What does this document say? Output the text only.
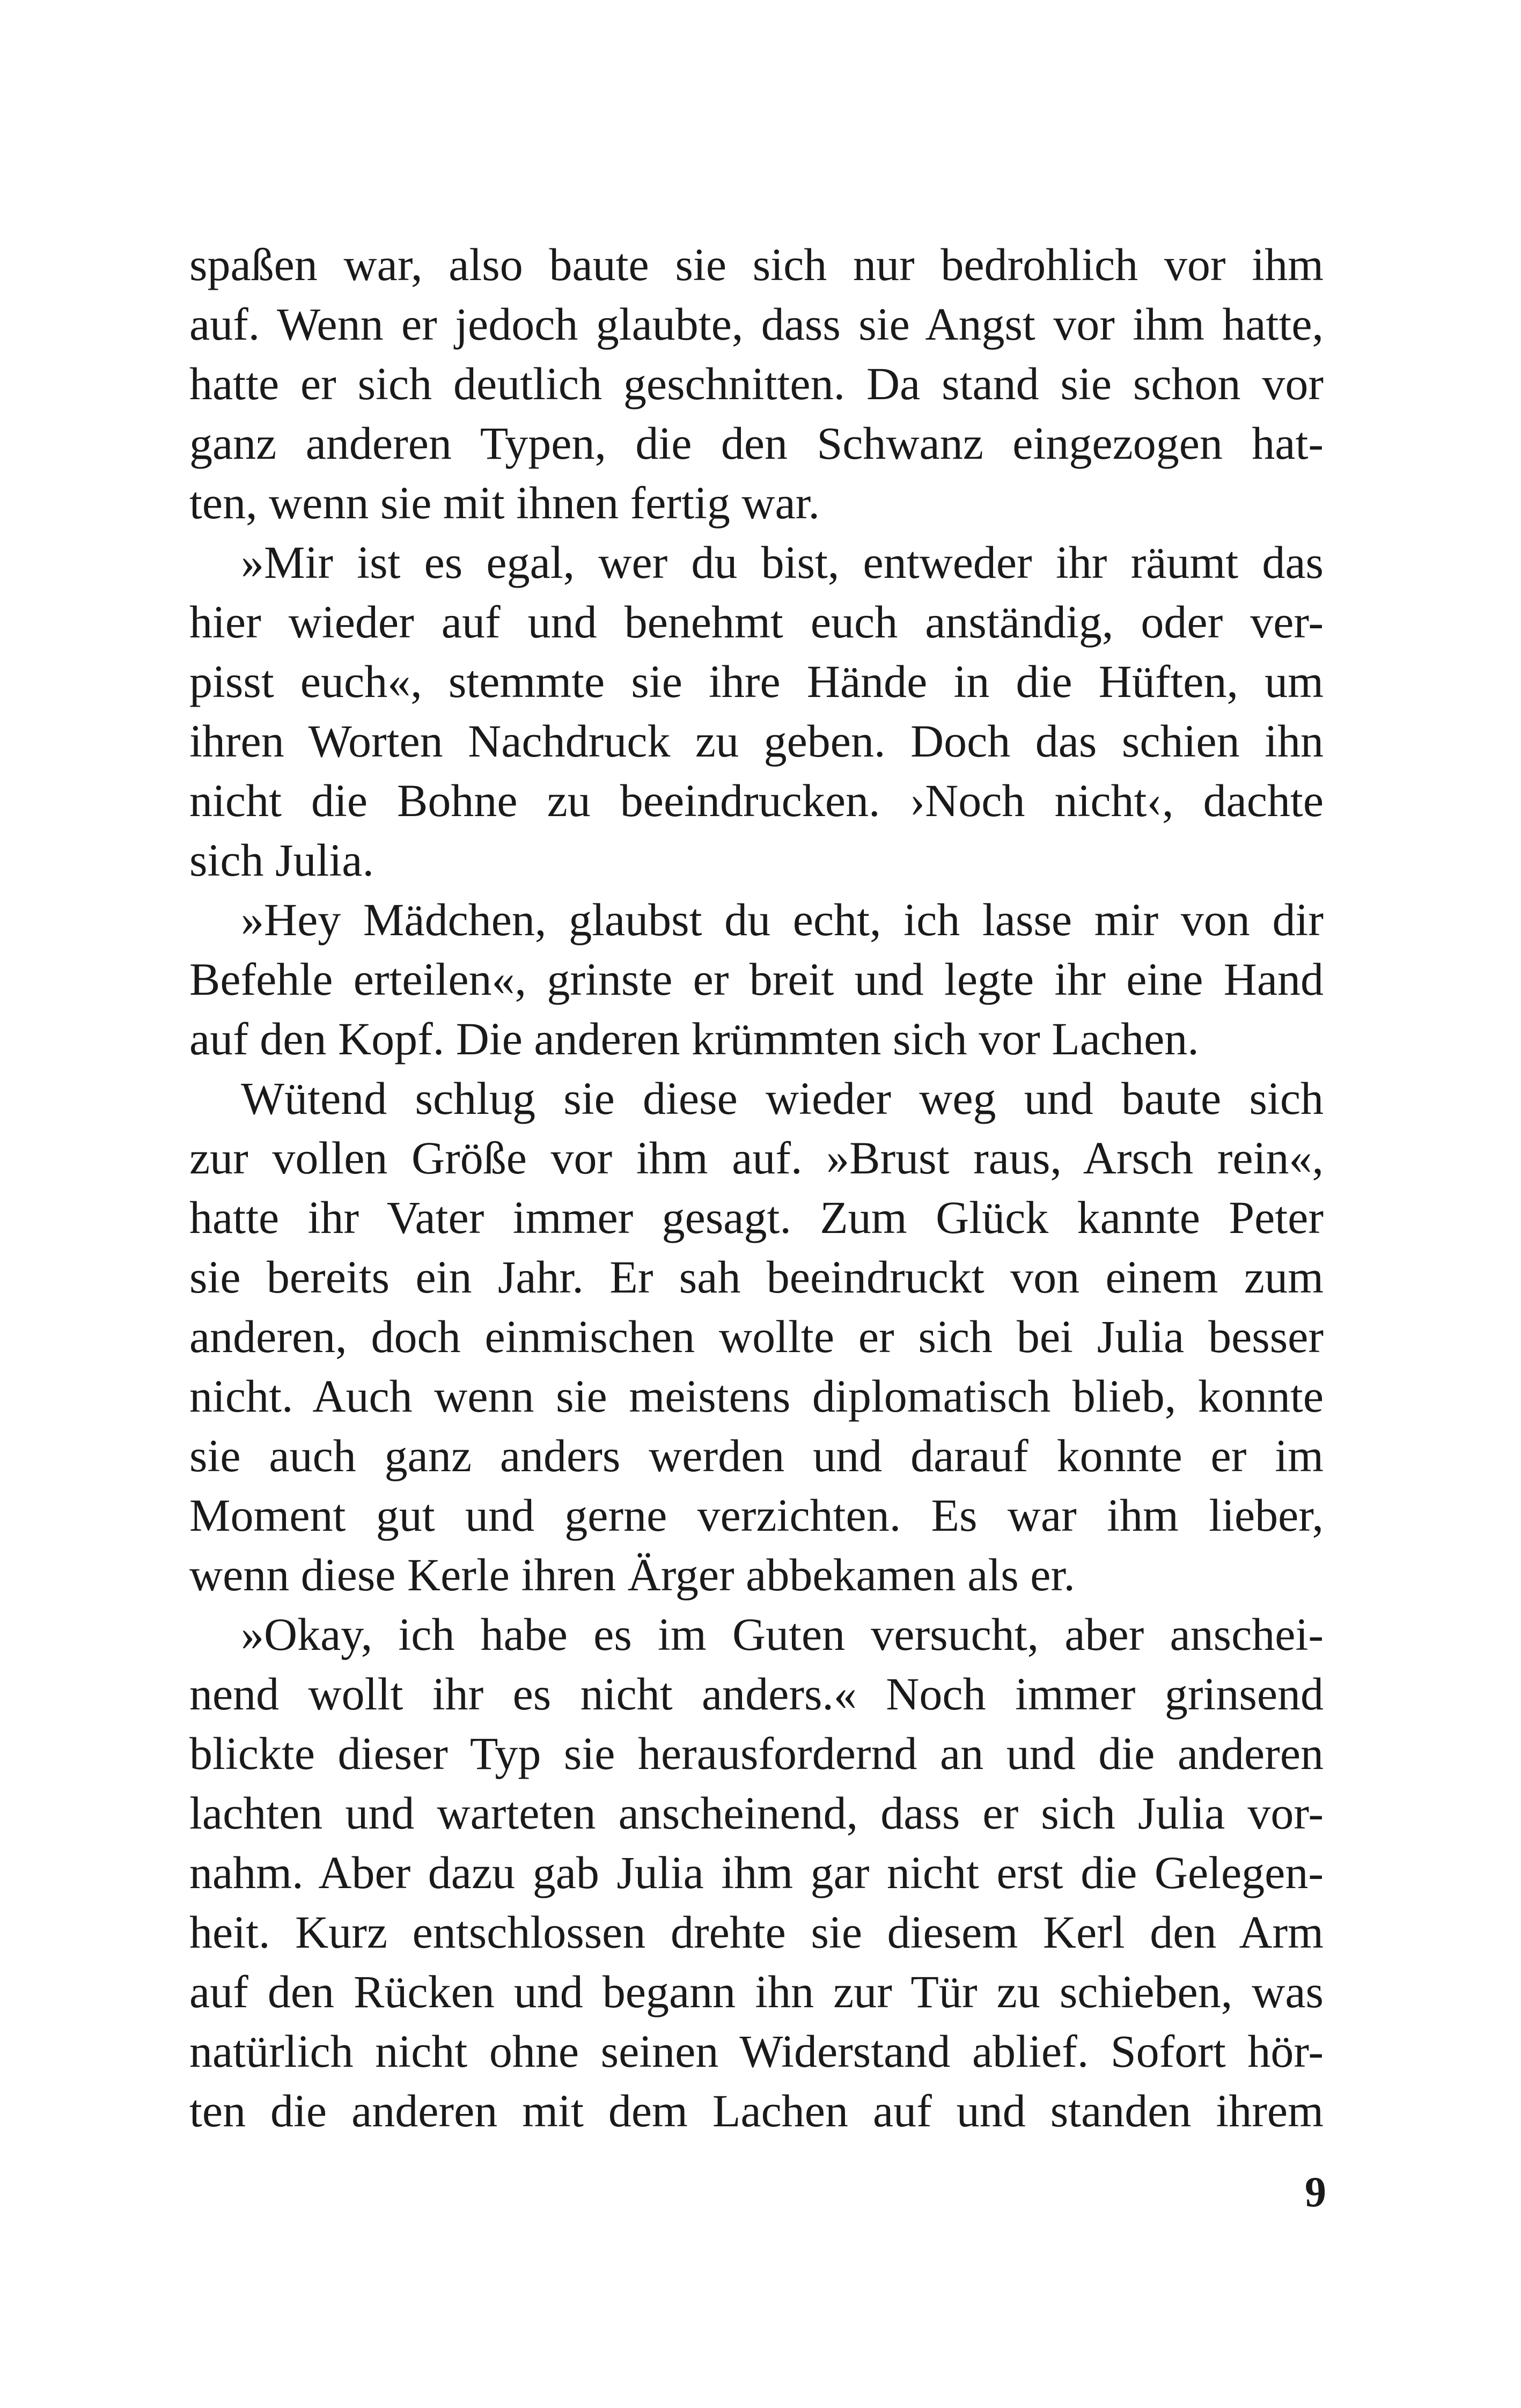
spaßen war, also baute sie sich nur bedrohlich vor ihm
auf. Wenn er jedoch glaubte, dass sie Angst vor ihm hatte,
hatte er sich deutlich geschnitten. Da stand sie schon vor
ganz anderen Typen, die den Schwanz eingezogen hat-
ten, wenn sie mit ihnen fertig war.
»Mir ist es egal, wer du bist, entweder ihr räumt das
hier wieder auf und benehmt euch anständig, oder ver-
pisst euch«, stemmte sie ihre Hände in die Hüften, um
ihren Worten Nachdruck zu geben. Doch das schien ihn
nicht die Bohne zu beeindrucken. ›Noch nicht‹, dachte
sich Julia.
»Hey Mädchen, glaubst du echt, ich lasse mir von dir
Befehle erteilen«, grinste er breit und legte ihr eine Hand
auf den Kopf. Die anderen krümmten sich vor Lachen.
Wütend schlug sie diese wieder weg und baute sich
zur vollen Größe vor ihm auf. »Brust raus, Arsch rein«,
hatte ihr Vater immer gesagt. Zum Glück kannte Peter
sie bereits ein Jahr. Er sah beeindruckt von einem zum
anderen, doch einmischen wollte er sich bei Julia besser
nicht. Auch wenn sie meistens diplomatisch blieb, konnte
sie auch ganz anders werden und darauf konnte er im
Moment gut und gerne verzichten. Es war ihm lieber,
wenn diese Kerle ihren Ärger abbekamen als er.
»Okay, ich habe es im Guten versucht, aber anschei-
nend wollt ihr es nicht anders.« Noch immer grinsend
blickte dieser Typ sie herausfordernd an und die anderen
lachten und warteten anscheinend, dass er sich Julia vor-
nahm. Aber dazu gab Julia ihm gar nicht erst die Gelegen-
heit. Kurz entschlossen drehte sie diesem Kerl den Arm
auf den Rücken und begann ihn zur Tür zu schieben, was
natürlich nicht ohne seinen Widerstand ablief. Sofort hör-
ten die anderen mit dem Lachen auf und standen ihrem
9
